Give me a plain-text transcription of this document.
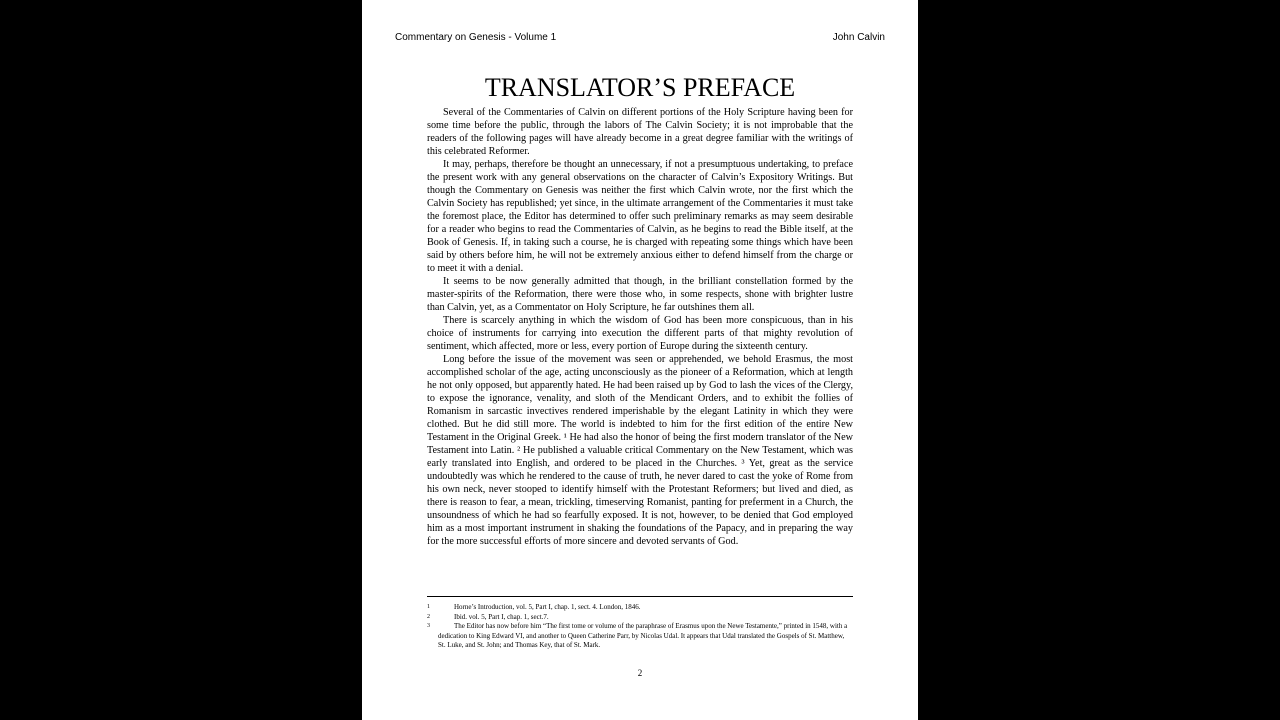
Commentary on Genesis - Volume 1	John Calvin
TRANSLATOR’S PREFACE

Several of the Commentaries of Calvin on different portions of the Holy Scripture having been for some time before the public, through the labors of The Calvin Society; it is not improbable that the readers of the following pages will have already become in a great degree familiar with the writings of this celebrated Reformer.

It may, perhaps, therefore be thought an unnecessary, if not a presumptuous undertaking, to preface the present work with any general observations on the character of Calvin’s Expository Writings. But though the Commentary on Genesis was neither the first which Calvin wrote, nor the first which the Calvin Society has republished; yet since, in the ultimate arrangement of the Commentaries it must take the foremost place, the Editor has determined to offer such preliminary remarks as may seem desirable for a reader who begins to read the Commentaries of Calvin, as he begins to read the Bible itself, at the Book of Genesis. If, in taking such a course, he is charged with repeating some things which have been said by others before him, he will not be extremely anxious either to defend himself from the charge or to meet it with a denial.

It seems to be now generally admitted that though, in the brilliant constellation formed by the master-spirits of the Reformation, there were those who, in some respects, shone with brighter lustre than Calvin, yet, as a Commentator on Holy Scripture, he far outshines them all.

There is scarcely anything in which the wisdom of God has been more conspicuous, than in his choice of instruments for carrying into execution the different parts of that mighty revolution of sentiment, which affected, more or less, every portion of Europe during the sixteenth century.

Long before the issue of the movement was seen or apprehended, we behold Erasmus, the most accomplished scholar of the age, acting unconsciously as the pioneer of a Reformation, which at length he not only opposed, but apparently hated. He had been raised up by God to lash the vices of the Clergy, to expose the ignorance, venality, and sloth of the Mendicant Orders, and to exhibit the follies of Romanism in sarcastic invectives rendered imperishable by the elegant Latinity in which they were clothed. But he did still more. The world is indebted to him for the first edition of the entire New Testament in the Original Greek. ¹ He had also the honor of being the first modern translator of the New Testament into Latin. ² He published a valuable critical Commentary on the New Testament, which was early translated into English, and ordered to be placed in the Churches. ³ Yet, great as the service undoubtedly was which he rendered to the cause of truth, he never dared to cast the yoke of Rome from his own neck, never stooped to identify himself with the Protestant Reformers; but lived and died, as there is reason to fear, a mean, trickling, timeserving Romanist, panting for preferment in a Church, the unsoundness of which he had so fearfully exposed. It is not, however, to be denied that God employed him as a most important instrument in shaking the foundations of the Papacy, and in preparing the way for the more successful efforts of more sincere and devoted servants of God.

1	Horne’s Introduction, vol. 5, Part I, chap. 1, sect. 4. London, 1846.
2	Ibid. vol. 5, Part I, chap. 1, sect.7.
3	The Editor has now before him “The first tome or volume of the paraphrase of Erasmus upon the Newe Testamente,” printed in 1548, with a dedication to King Edward VI, and another to Queen Catherine Parr, by Nicolas Udal. It appears that Udal translated the Gospels of St. Matthew, St. Luke, and St. John; and Thomas Key, that of St. Mark.
2
